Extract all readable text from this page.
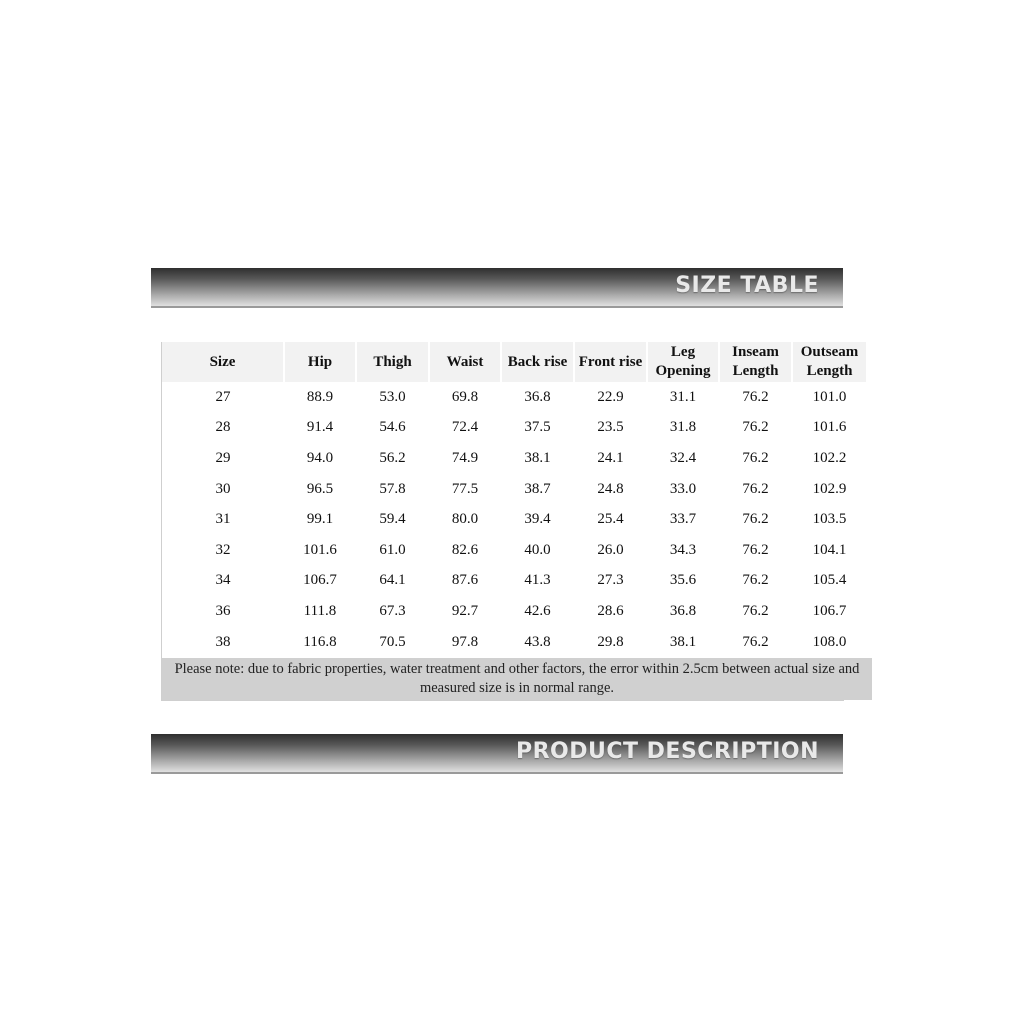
SIZE TABLE
Size	Hip	Thigh	Waist	Back rise	Front rise	Leg Opening	Inseam Length	Outseam Length
27	88.9	53.0	69.8	36.8	22.9	31.1	76.2	101.0
28	91.4	54.6	72.4	37.5	23.5	31.8	76.2	101.6
29	94.0	56.2	74.9	38.1	24.1	32.4	76.2	102.2
30	96.5	57.8	77.5	38.7	24.8	33.0	76.2	102.9
31	99.1	59.4	80.0	39.4	25.4	33.7	76.2	103.5
32	101.6	61.0	82.6	40.0	26.0	34.3	76.2	104.1
34	106.7	64.1	87.6	41.3	27.3	35.6	76.2	105.4
36	111.8	67.3	92.7	42.6	28.6	36.8	76.2	106.7
38	116.8	70.5	97.8	43.8	29.8	38.1	76.2	108.0
Please note: due to fabric properties, water treatment and other factors, the error within 2.5cm between actual size and measured size is in normal range.
PRODUCT DESCRIPTION
